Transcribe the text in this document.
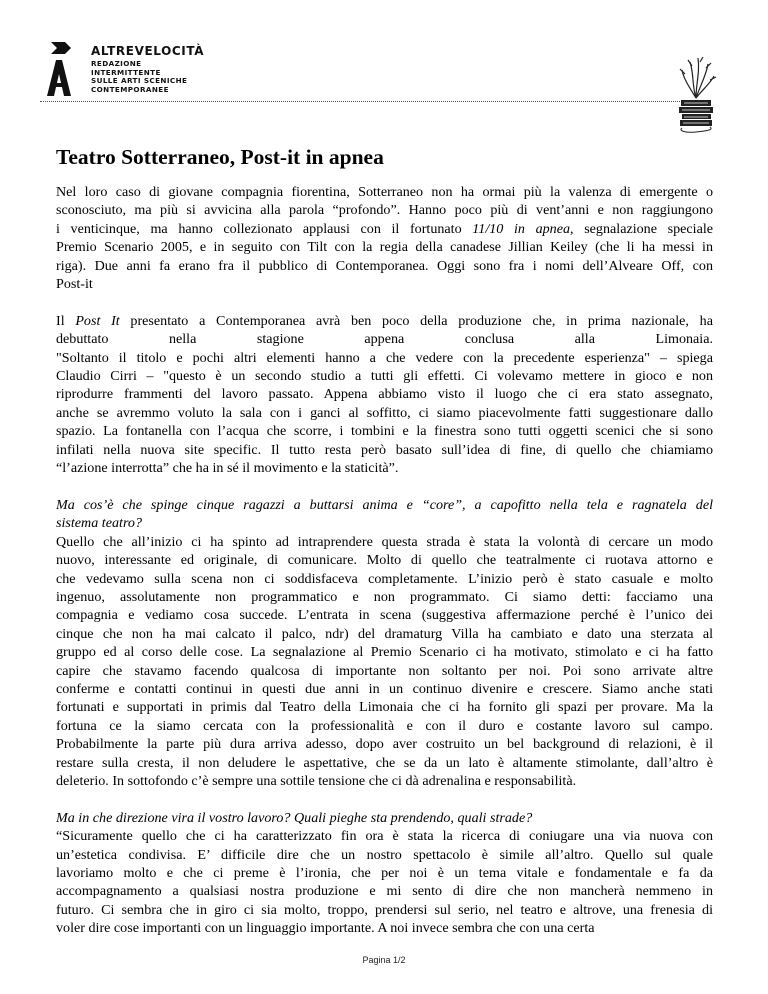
ALTREVELOCITÀ
REDAZIONE
INTERMITTENTE
SULLE ARTI SCENICHE
CONTEMPORANEE
Teatro Sotterraneo, Post-it in apnea

Nel loro caso di giovane compagnia fiorentina, Sotterraneo non ha ormai più la valenza di emergente o
sconosciuto, ma più si avvicina alla parola “profondo”. Hanno poco più di vent’anni e non raggiungono
i venticinque, ma hanno collezionato applausi con il fortunato 11/10 in apnea, segnalazione speciale
Premio Scenario 2005, e in seguito con Tilt con la regia della canadese Jillian Keiley (che li ha messi in
riga). Due anni fa erano fra il pubblico di Contemporanea. Oggi sono fra i nomi dell’Alveare Off, con
Post-it

Il Post It presentato a Contemporanea avrà ben poco della produzione che, in prima nazionale, ha
debuttato nella stagione appena conclusa alla Limonaia.
"Soltanto il titolo e pochi altri elementi hanno a che vedere con la precedente esperienza" – spiega
Claudio Cirri – "questo è un secondo studio a tutti gli effetti. Ci volevamo mettere in gioco e non
riprodurre frammenti del lavoro passato. Appena abbiamo visto il luogo che ci era stato assegnato,
anche se avremmo voluto la sala con i ganci al soffitto, ci siamo piacevolmente fatti suggestionare dallo
spazio. La fontanella con l’acqua che scorre, i tombini e la finestra sono tutti oggetti scenici che si sono
infilati nella nuova site specific. Il tutto resta però basato sull’idea di fine, di quello che chiamiamo
“l’azione interrotta” che ha in sé il movimento e la staticità”.

Ma cos’è che spinge cinque ragazzi a buttarsi anima e “core”, a capofitto nella tela e ragnatela del
sistema teatro?
Quello che all’inizio ci ha spinto ad intraprendere questa strada è stata la volontà di cercare un modo
nuovo, interessante ed originale, di comunicare. Molto di quello che teatralmente ci ruotava attorno e
che vedevamo sulla scena non ci soddisfaceva completamente. L’inizio però è stato casuale e molto
ingenuo, assolutamente non programmatico e non programmato. Ci siamo detti: facciamo una
compagnia e vediamo cosa succede. L’entrata in scena (suggestiva affermazione perché è l’unico dei
cinque che non ha mai calcato il palco, ndr) del dramaturg Villa ha cambiato e dato una sterzata al
gruppo ed al corso delle cose. La segnalazione al Premio Scenario ci ha motivato, stimolato e ci ha fatto
capire che stavamo facendo qualcosa di importante non soltanto per noi. Poi sono arrivate altre
conferme e contatti continui in questi due anni in un continuo divenire e crescere. Siamo anche stati
fortunati e supportati in primis dal Teatro della Limonaia che ci ha fornito gli spazi per provare. Ma la
fortuna ce la siamo cercata con la professionalità e con il duro e costante lavoro sul campo.
Probabilmente la parte più dura arriva adesso, dopo aver costruito un bel background di relazioni, è il
restare sulla cresta, il non deludere le aspettative, che se da un lato è altamente stimolante, dall’altro è
deleterio. In sottofondo c’è sempre una sottile tensione che ci dà adrenalina e responsabilità.

Ma in che direzione vira il vostro lavoro? Quali pieghe sta prendendo, quali strade?
“Sicuramente quello che ci ha caratterizzato fin ora è stata la ricerca di coniugare una via nuova con
un’estetica condivisa. E’ difficile dire che un nostro spettacolo è simile all’altro. Quello sul quale
lavoriamo molto e che ci preme è l’ironia, che per noi è un tema vitale e fondamentale e fa da
accompagnamento a qualsiasi nostra produzione e mi sento di dire che non mancherà nemmeno in
futuro. Ci sembra che in giro ci sia molto, troppo, prendersi sul serio, nel teatro e altrove, una frenesia di
voler dire cose importanti con un linguaggio importante. A noi invece sembra che con una certa

Pagina 1/2
